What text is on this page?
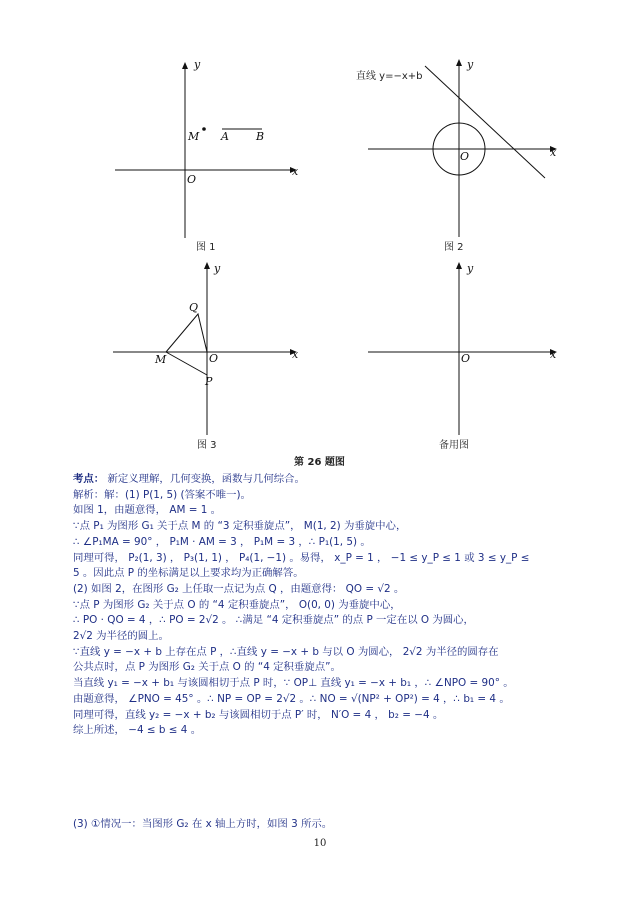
y
x
O
M A B
图 1
直线 y=−x+b
y
x
O
图 2
y
x
O
M
Q
P
图 3
y
x
O
备用图
第 26 题图
考点： 新定义理解，几何变换，函数与几何综合。
解析：解：(1) P(1, 5) (答案不唯一)。
如图 1，由题意得， AM = 1 。
∵点 P₁ 为图形 G₁ 关于点 M 的 “3 定积垂旋点”， M(1, 2) 为垂旋中心，
∴ ∠P₁MA = 90° ， P₁M · AM = 3 ， P₁M = 3 ，∴ P₁(1, 5) 。
同理可得， P₂(1, 3) ， P₃(1, 1) ， P₄(1, −1) 。易得， x_P = 1 ， −1 ≤ y_P ≤ 1 或 3 ≤ y_P ≤
5 。因此点 P 的坐标满足以上要求均为正确解答。
(2) 如图 2，在图形 G₂ 上任取一点记为点 Q ，由题意得： QO = √2 。
∵点 P 为图形 G₂ 关于点 O 的 “4 定积垂旋点”， O(0, 0) 为垂旋中心，
∴ PO · QO = 4 ，∴ PO = 2√2 。 ∴满足 “4 定积垂旋点” 的点 P 一定在以 O 为圆心，
2√2 为半径的圆上。
∵直线 y = −x + b 上存在点 P ，∴直线 y = −x + b 与以 O 为圆心， 2√2 为半径的圆存在
公共点时，点 P 为图形 G₂ 关于点 O 的 “4 定积垂旋点”。
当直线 y₁ = −x + b₁ 与该圆相切于点 P 时，∵ OP⊥ 直线 y₁ = −x + b₁ ，∴ ∠NPO = 90° 。
由题意得， ∠PNO = 45° 。∴ NP = OP = 2√2 。∴ NO = √(NP² + OP²) = 4 ，∴ b₁ = 4 。
同理可得，直线 y₂ = −x + b₂ 与该圆相切于点 P′ 时， N′O = 4 ， b₂ = −4 。
综上所述， −4 ≤ b ≤ 4 。
(3) ①情况一：当图形 G₂ 在 x 轴上方时，如图 3 所示。
10
